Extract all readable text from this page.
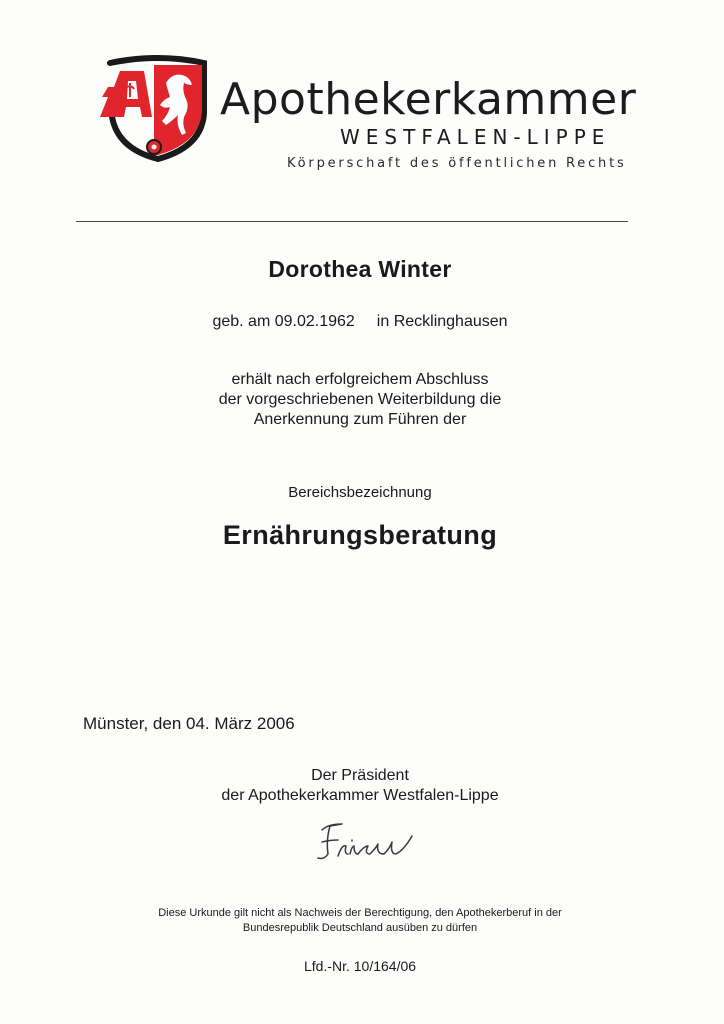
Apothekerkammer
WESTFALEN-LIPPE
Körperschaft des öffentlichen Rechts
Dorothea Winter
geb. am 09.02.1962 in Recklinghausen
erhält nach erfolgreichem Abschluss
der vorgeschriebenen Weiterbildung die
Anerkennung zum Führen der
Bereichsbezeichnung
Ernährungsberatung
Münster, den 04. März 2006
Der Präsident
der Apothekerkammer Westfalen-Lippe
Diese Urkunde gilt nicht als Nachweis der Berechtigung, den Apothekerberuf in der
Bundesrepublik Deutschland ausüben zu dürfen
Lfd.-Nr. 10/164/06
